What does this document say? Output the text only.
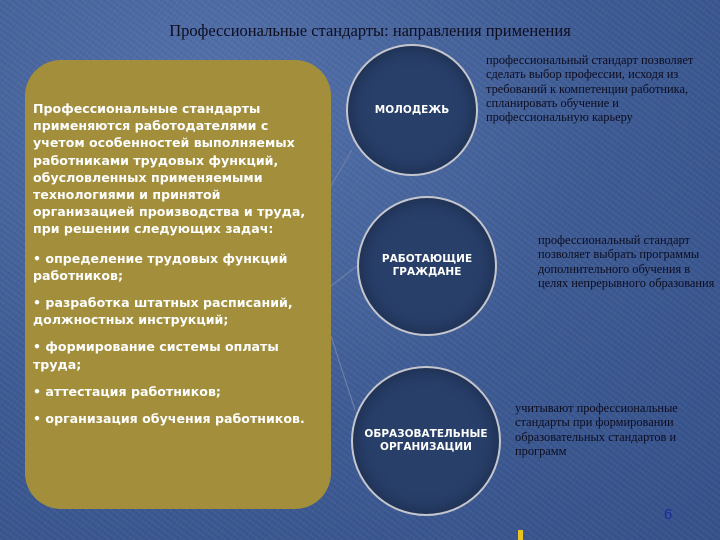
Профессиональные стандарты: направления применения

Профессиональные стандарты применяются работодателями с учетом особенностей выполняемых работниками трудовых функций, обусловленных применяемыми технологиями и принятой организацией производства и труда, при решении следующих задач:

• определение трудовых функций работников;

• разработка штатных расписаний, должностных инструкций;

• формирование системы оплаты труда;

• аттестация работников;

• организация обучения работников.

МОЛОДЕЖЬ
РАБОТАЮЩИЕ ГРАЖДАНЕ
ОБРАЗОВАТЕЛЬНЫЕ ОРГАНИЗАЦИИ
профессиональный стандарт позволяет сделать выбор профессии, исходя из требований к компетенции работника, спланировать обучение и профессиональную карьеру
профессиональный стандарт позволяет выбрать программы дополнительного обучения в целях непрерывного образования
учитывают профессиональные стандарты при формировании образовательных стандартов и программ
6
